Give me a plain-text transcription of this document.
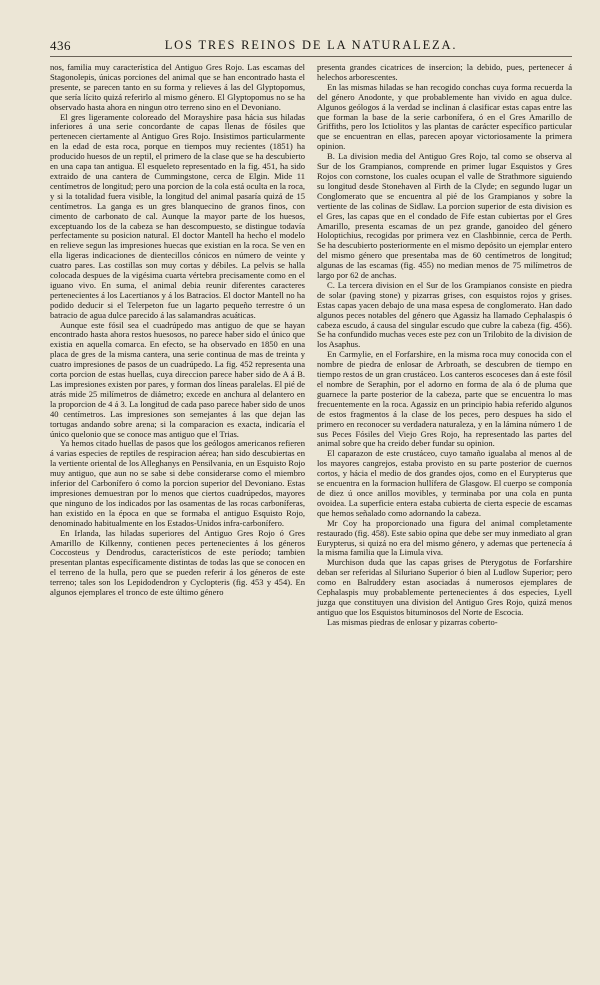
436	LOS TRES REINOS DE LA NATURALEZA.

nos, familia muy característica del Antiguo Gres Rojo. Las escamas del Stagonolepis, únicas porciones del animal que se han encontrado hasta el presente, se parecen tanto en su forma y relieves á las del Glyptopomus, que sería lícito quizá referirlo al mismo género. El Glyptopomus no se ha observado hasta ahora en ningun otro terreno sino en el Devoniano.

El gres ligeramente coloreado del Morayshire pasa hácia sus hiladas inferiores á una serie concordante de capas llenas de fósiles que pertenecen ciertamente al Antiguo Gres Rojo. Insistimos particularmente en la edad de esta roca, porque en tiempos muy recientes (1851) ha producido huesos de un reptil, el primero de la clase que se ha descubierto en una capa tan antigua. El esqueleto representado en la fig. 451, ha sido extraido de una cantera de Cummingstone, cerca de Elgin. Mide 11 centímetros de longitud; pero una porcion de la cola está oculta en la roca, y si la totalidad fuera visible, la longitud del animal pasaría quizá de 15 centímetros. La ganga es un gres blanquecino de granos finos, con cimento de carbonato de cal. Aunque la mayor parte de los huesos, exceptuando los de la cabeza se han descompuesto, se distingue todavía perfectamente su posicion natural. El doctor Mantell ha hecho el modelo en relieve segun las impresiones huecas que existian en la roca. Se ven en ella ligeras indicaciones de dientecillos cónicos en número de veinte y cuatro pares. Las costillas son muy cortas y débiles. La pelvis se halla colocada despues de la vigésima cuarta vértebra precisamente como en el iguano vivo. En suma, el animal debia reunir diferentes caracteres pertenecientes á los Lacertianos y á los Batracios. El doctor Mantell no ha podido deducir si el Telerpeton fue un lagarto pequeño terrestre ó un batracio de agua dulce parecido á las salamandras acuáticas.

Aunque este fósil sea el cuadrúpedo mas antiguo de que se hayan encontrado hasta ahora restos huesosos, no parece haber sido el único que existia en aquella comarca. En efecto, se ha observado en 1850 en una placa de gres de la misma cantera, una serie continua de mas de treinta y cuatro impresiones de pasos de un cuadrúpedo. La fig. 452 representa una corta porcion de estas huellas, cuya direccion parece haber sido de A á B. Las impresiones existen por pares, y forman dos líneas paralelas. El pié de atrás mide 25 milímetros de diámetro; excede en anchura al delantero en la proporcion de 4 á 3. La longitud de cada paso parece haber sido de unos 40 centímetros. Las impresiones son semejantes á las que dejan las tortugas andando sobre arena; si la comparacion es exacta, indicaría el único quelonio que se conoce mas antiguo que el Trias.

Ya hemos citado huellas de pasos que los geólogos americanos refieren á varias especies de reptiles de respiracion aérea; han sido descubiertas en la vertiente oriental de los Alleghanys en Pensilvania, en un Esquisto Rojo muy antiguo, que aun no se sabe si debe considerarse como el miembro inferior del Carbonífero ó como la porcion superior del Devoniano. Estas impresiones demuestran por lo menos que ciertos cuadrúpedos, mayores que ninguno de los indicados por las osamentas de las rocas carboníferas, han existido en la época en que se formaba el antiguo Esquisto Rojo, denominado habitualmente en los Estados-Unidos infra-carbonífero.

En Irlanda, las hiladas superiores del Antiguo Gres Rojo ó Gres Amarillo de Kilkenny, contienen peces pertenecientes á los géneros Coccosteus y Dendrodus, característicos de este período; tambien presentan plantas específicamente distintas de todas las que se conocen en el terreno de la hulla, pero que se pueden referir á los géneros de este terreno; tales son los Lepidodendron y Cyclopteris (fig. 453 y 454). En algunos ejemplares el tronco de este último género

presenta grandes cicatrices de insercion; la debido, pues, pertenecer á helechos arborescentes.

En las mismas hiladas se han recogido conchas cuya forma recuerda la del género Anodonte, y que probablemente han vivido en agua dulce. Algunos geólogos á la verdad se inclinan á clasificar estas capas entre las que forman la base de la serie carbonífera, ó en el Gres Amarillo de Griffiths, pero los Ictiolitos y las plantas de carácter específico particular que se encuentran en ellas, parecen apoyar victoriosamente la primera opinion.

B. La division media del Antiguo Gres Rojo, tal como se observa al Sur de los Grampianos, comprende en primer lugar Esquistos y Gres Rojos con cornstone, los cuales ocupan el valle de Strathmore siguiendo su longitud desde Stonehaven al Firth de la Clyde; en segundo lugar un Conglomerato que se encuentra al pié de los Grampianos y sobre la vertiente de las colinas de Sidlaw. La porcion superior de esta division es el Gres, las capas que en el condado de Fife estan cubiertas por el Gres Amarillo, presenta escamas de un pez grande, ganoideo del género Holoptichius, recogidas por primera vez en Clashbinnie, cerca de Perth. Se ha descubierto posteriormente en el mismo depósito un ejemplar entero del mismo género que presentaba mas de 60 centímetros de longitud; algunas de las escamas (fig. 455) no median menos de 75 milímetros de largo por 62 de anchas.

C. La tercera division en el Sur de los Grampianos consiste en piedra de solar (paving stone) y pizarras grises, con esquistos rojos y grises. Estas capas yacen debajo de una masa espesa de conglomerato. Han dado algunos peces notables del género que Agassiz ha llamado Cephalaspis ó cabeza escudo, á causa del singular escudo que cubre la cabeza (fig. 456). Se ha confundido muchas veces este pez con un Trilobito de la division de los Asaphus.

En Carmylie, en el Forfarshire, en la misma roca muy conocida con el nombre de piedra de enlosar de Arbroath, se descubren de tiempo en tiempo restos de un gran crustáceo. Los canteros escoceses dan á este fósil el nombre de Seraphin, por el adorno en forma de ala ó de pluma que guarnece la parte posterior de la cabeza, parte que se encuentra lo mas frecuentemente en la roca. Agassiz en un principio habia referido algunos de estos fragmentos á la clase de los peces, pero despues ha sido el primero en reconocer su verdadera naturaleza, y en la lámina número 1 de sus Peces Fósiles del Viejo Gres Rojo, ha representado las partes del animal sobre que ha creido deber fundar su opinion.

El caparazon de este crustáceo, cuyo tamaño igualaba al menos al de los mayores cangrejos, estaba provisto en su parte posterior de cuernos cortos, y hácia el medio de dos grandes ojos, como en el Eurypterus que se encuentra en la formacion hullífera de Glasgow. El cuerpo se componía de diez ú once anillos movibles, y terminaba por una cola en punta ovoidea. La superficie entera estaba cubierta de cierta especie de escamas que hemos señalado como adornando la cabeza.

Mr Coy ha proporcionado una figura del animal completamente restaurado (fig. 458). Este sabio opina que debe ser muy inmediato al gran Eurypterus, si quizá no era del mismo género, y ademas que pertenecía á la misma familia que la Limula viva.

Murchison duda que las capas grises de Pterygotus de Forfarshire deban ser referidas al Siluriano Superior ó bien al Ludlow Superior; pero como en Balruddery estan asociadas á numerosos ejemplares de Cephalaspis muy probablemente pertenecientes á dos especies, Lyell juzga que constituyen una division del Antiguo Gres Rojo, quizá menos antiguo que los Esquistos bituminosos del Norte de Escocia.

Las mismas piedras de enlosar y pizarras coberto-
